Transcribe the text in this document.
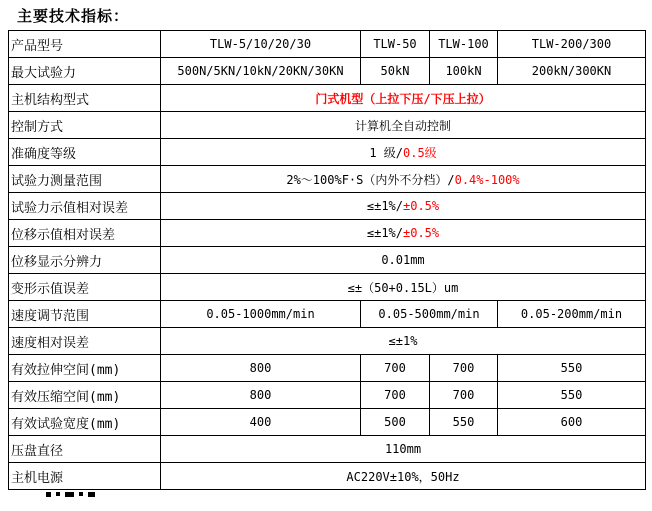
主要技术指标：
产品型号	TLW-5/10/20/30	TLW-50	TLW-100	TLW-200/300
最大试验力	500N/5KN/10kN/20KN/30KN	50kN	100kN	200kN/300KN
主机结构型式	门式机型（上拉下压/下压上拉）			
控制方式	计算机全自动控制			
准确度等级	1 级/0.5级			
试验力测量范围	2%～100%F·S（内外不分档）/0.4%-100%			
试验力示值相对误差	≤±1%/±0.5%			
位移示值相对误差	≤±1%/±0.5%			
位移显示分辨力	0.01mm			
变形示值误差	≤±（50+0.15L）um			
速度调节范围	0.05-1000mm/min	0.05-500mm/min		0.05-200mm/min
速度相对误差	≤±1%			
有效拉伸空间(mm)	800	700	700	550
有效压缩空间(mm)	800	700	700	550
有效试验宽度(mm)	400	500	550	600
压盘直径	110mm			
主机电源	AC220V±10%，50Hz			
